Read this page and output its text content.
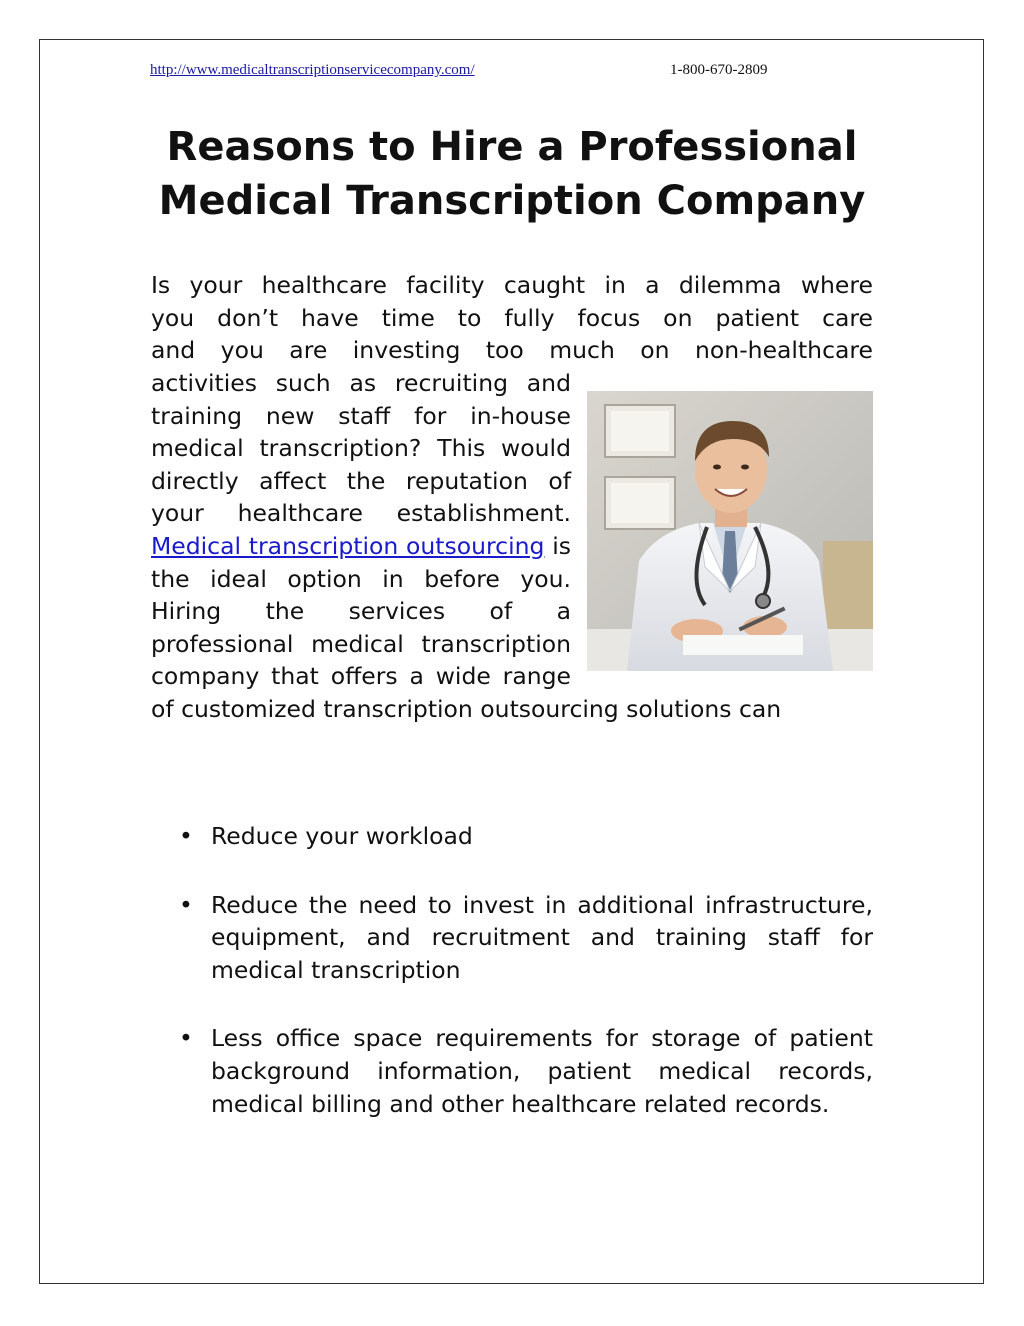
http://www.medicaltranscriptionservicecompany.com/	1-800-670-2809
Reasons to Hire a Professional
Medical Transcription Company
Is your healthcare facility caught in a dilemma where
you don’t have time to fully focus on patient care
and you are investing too much on non-healthcare
activities such as recruiting and training new staff for in-house medical transcription? This would directly affect the reputation of your healthcare establishment. Medical transcription outsourcing is the ideal option in before you. Hiring the services of a professional medical transcription company that offers a wide range of customized transcription outsourcing solutions can
• Reduce your workload
• Reduce the need to invest in additional infrastructure, equipment, and recruitment and training staff for medical transcription
• Less office space requirements for storage of patient background information, patient medical records, medical billing and other healthcare related records.
